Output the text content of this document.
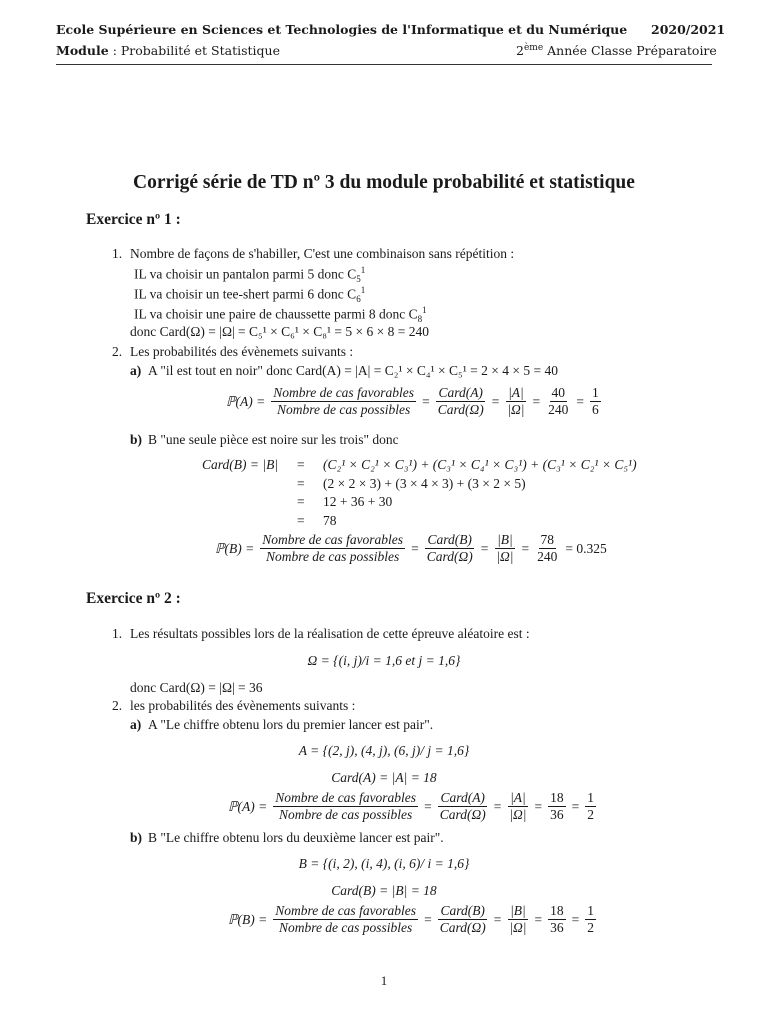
Ecole Supérieure en Sciences et Technologies de l'Informatique et du Numérique 2020/2021
Module : Probabilité et Statistique	2ème Année Classe Préparatoire
Corrigé série de TD nº 3 du module probabilité et statistique
Exercice nº 1 :
1. Nombre de façons de s'habiller, C'est une combinaison sans répétition :
IL va choisir un pantalon parmi 5 donc $C_5^1$
IL va choisir un tee-shert parmi 6 donc $C_6^1$
IL va choisir une paire de chaussette parmi 8 donc $C_8^1$
donc Card(Ω) = |Ω| = C₅¹ × C₆¹ × C₈¹ = 5 × 6 × 8 = 240
2. Les probabilités des évènemets suivants :
a) A "il est tout en noir" donc Card(A) = |A| = C₂¹ × C₄¹ × C₅¹ = 2 × 4 × 5 = 40
ℙ(A) = $\frac{\text{Nombre de cas favorables}}{\text{Nombre de cas possibles}} = \frac{\text{Card(A)}}{\text{Card(Ω)}} = \frac{|A|}{|\Omega|} = \frac{40}{240} = \frac{1}{6}$
b) B "une seule pièce est noire sur les trois" donc
Card(B) = |B| =
=
=
=
(C₂¹ × C₂¹ × C₃¹) + (C₃¹ × C₄¹ × C₃¹) + (C₃¹ × C₂¹ × C₅¹)
(2 × 2 × 3) + (3 × 4 × 3) + (3 × 2 × 5)
12 + 36 + 30
78
ℙ(B) = $\frac{\text{Nombre de cas favorables}}{\text{Nombre de cas possibles}} = \frac{\text{Card(B)}}{\text{Card(Ω)}} = \frac{|B|}{|\Omega|} = \frac{78}{240} = 0.325$
Exercice nº 2 :
1. Les résultats possibles lors de la réalisation de cette épreuve aléatoire est :
Ω = {(i, j)/i = 1,6 et j = 1,6}
donc Card(Ω) = |Ω| = 36
2. les probabilités des évènements suivants :
a) A "Le chiffre obtenu lors du premier lancer est pair".
A = {(2, j), (4, j), (6, j)/ j = 1,6}
Card(A) = |A| = 18
ℙ(A) = $\frac{\text{Nombre de cas favorables}}{\text{Nombre de cas possibles}} = \frac{\text{Card(A)}}{\text{Card(Ω)}} = \frac{|A|}{|\Omega|} = \frac{18}{36} = \frac{1}{2}$
b) B "Le chiffre obtenu lors du deuxième lancer est pair".
B = {(i, 2), (i, 4), (i, 6)/ i = 1,6}
Card(B) = |B| = 18
ℙ(B) = $\frac{\text{Nombre de cas favorables}}{\text{Nombre de cas possibles}} = \frac{\text{Card(B)}}{\text{Card(Ω)}} = \frac{|B|}{|\Omega|} = \frac{18}{36} = \frac{1}{2}$
1
